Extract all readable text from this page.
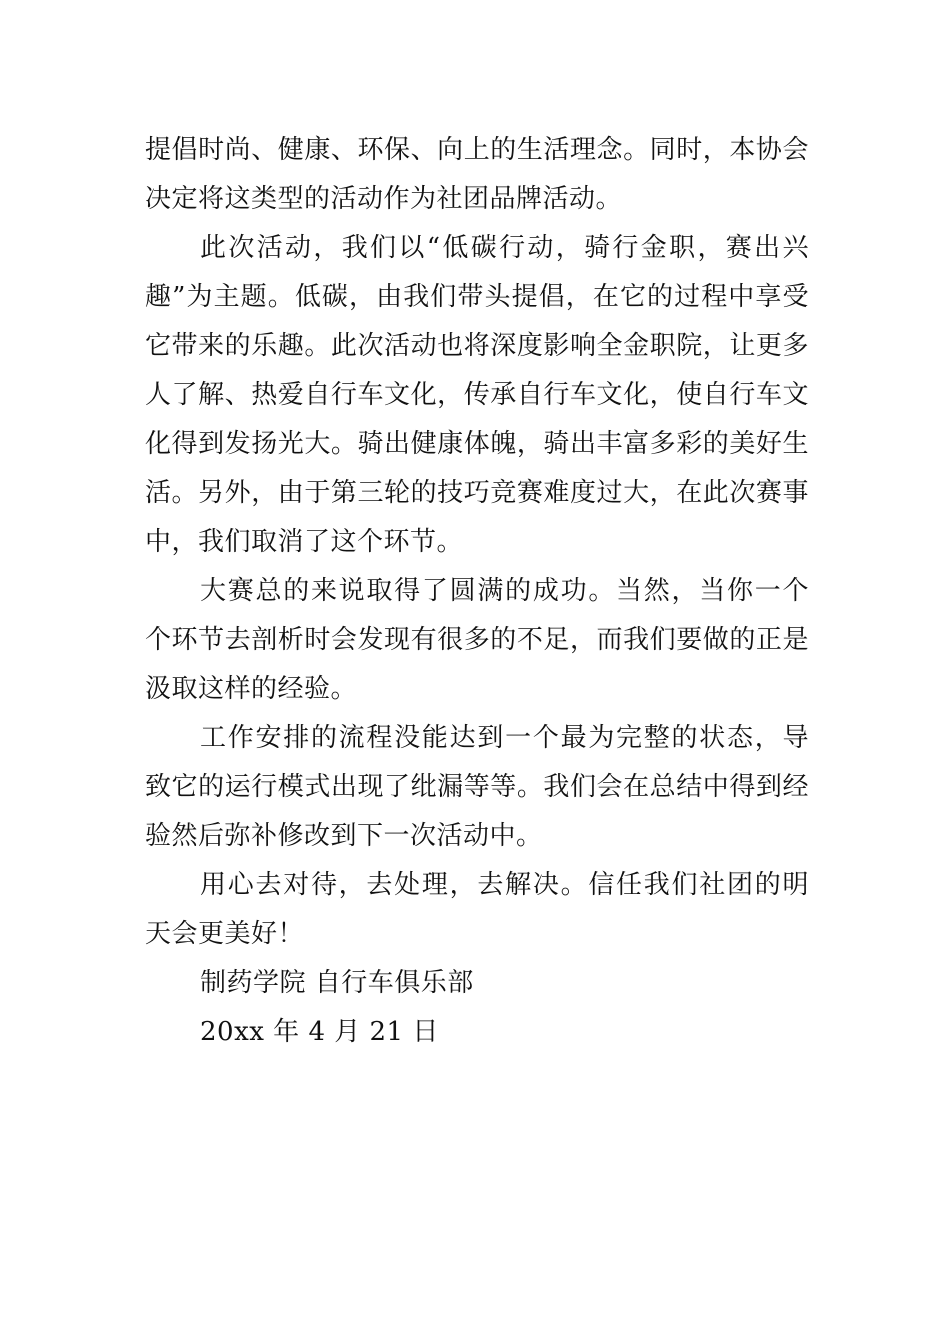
提倡时尚、健康、环保、向上的生活理念。同时，本协会决定将这类型的活动作为社团品牌活动。

此次活动，我们以“低碳行动，骑行金职，赛出兴趣”为主题。低碳，由我们带头提倡，在它的过程中享受它带来的乐趣。此次活动也将深度影响全金职院，让更多人了解、热爱自行车文化，传承自行车文化，使自行车文化得到发扬光大。骑出健康体魄，骑出丰富多彩的美好生活。另外，由于第三轮的技巧竞赛难度过大，在此次赛事中，我们取消了这个环节。

大赛总的来说取得了圆满的成功。当然，当你一个个环节去剖析时会发现有很多的不足，而我们要做的正是汲取这样的经验。

工作安排的流程没能达到一个最为完整的状态，导致它的运行模式出现了纰漏等等。我们会在总结中得到经验然后弥补修改到下一次活动中。

用心去对待，去处理，去解决。信任我们社团的明天会更美好！

制药学院 自行车俱乐部

20xx 年 4 月 21 日
